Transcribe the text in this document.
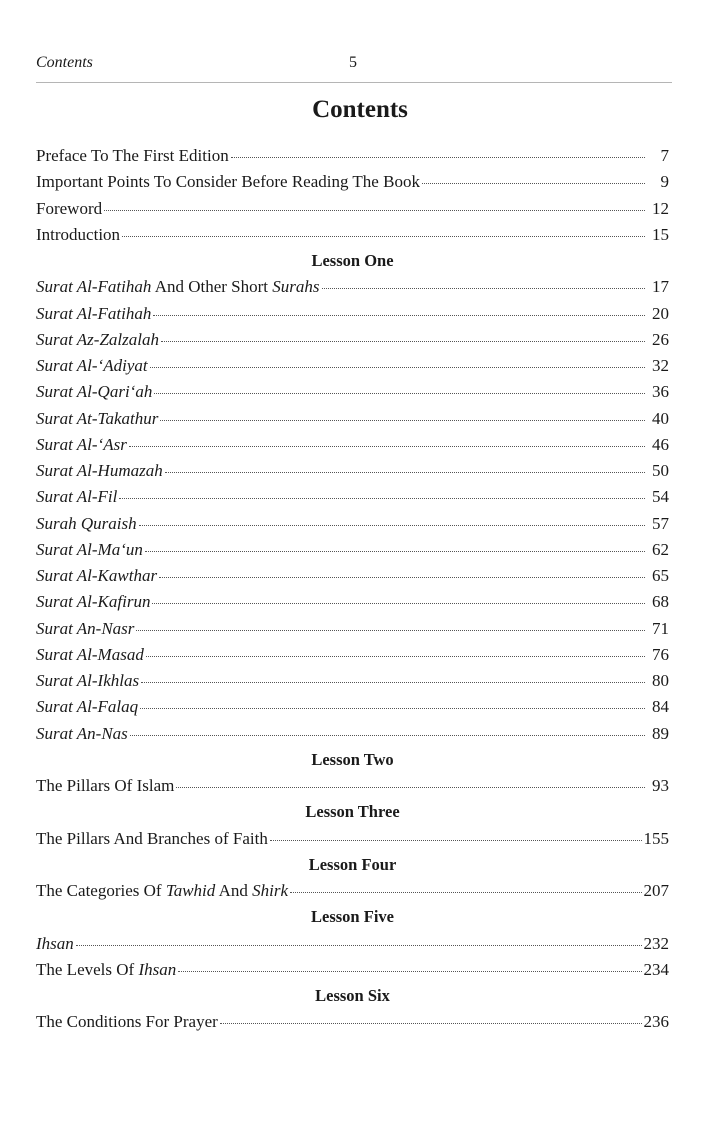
Contents	5
Contents
Preface To The First Edition	7
Important Points To Consider Before Reading The Book	9
Foreword	12
Introduction	15
Lesson One
Surat Al-Fatihah And Other Short Surahs	17
Surat Al-Fatihah	20
Surat Az-Zalzalah	26
Surat Al-‘Adiyat	32
Surat Al-Qari‘ah	36
Surat At-Takathur	40
Surat Al-‘Asr	46
Surat Al-Humazah	50
Surat Al-Fil	54
Surah Quraish	57
Surat Al-Ma‘un	62
Surat Al-Kawthar	65
Surat Al-Kafirun	68
Surat An-Nasr	71
Surat Al-Masad	76
Surat Al-Ikhlas	80
Surat Al-Falaq	84
Surat An-Nas	89
Lesson Two
The Pillars Of Islam	93
Lesson Three
The Pillars And Branches of Faith	155
Lesson Four
The Categories Of Tawhid And Shirk	207
Lesson Five
Ihsan	232
The Levels Of Ihsan	234
Lesson Six
The Conditions For Prayer	236
